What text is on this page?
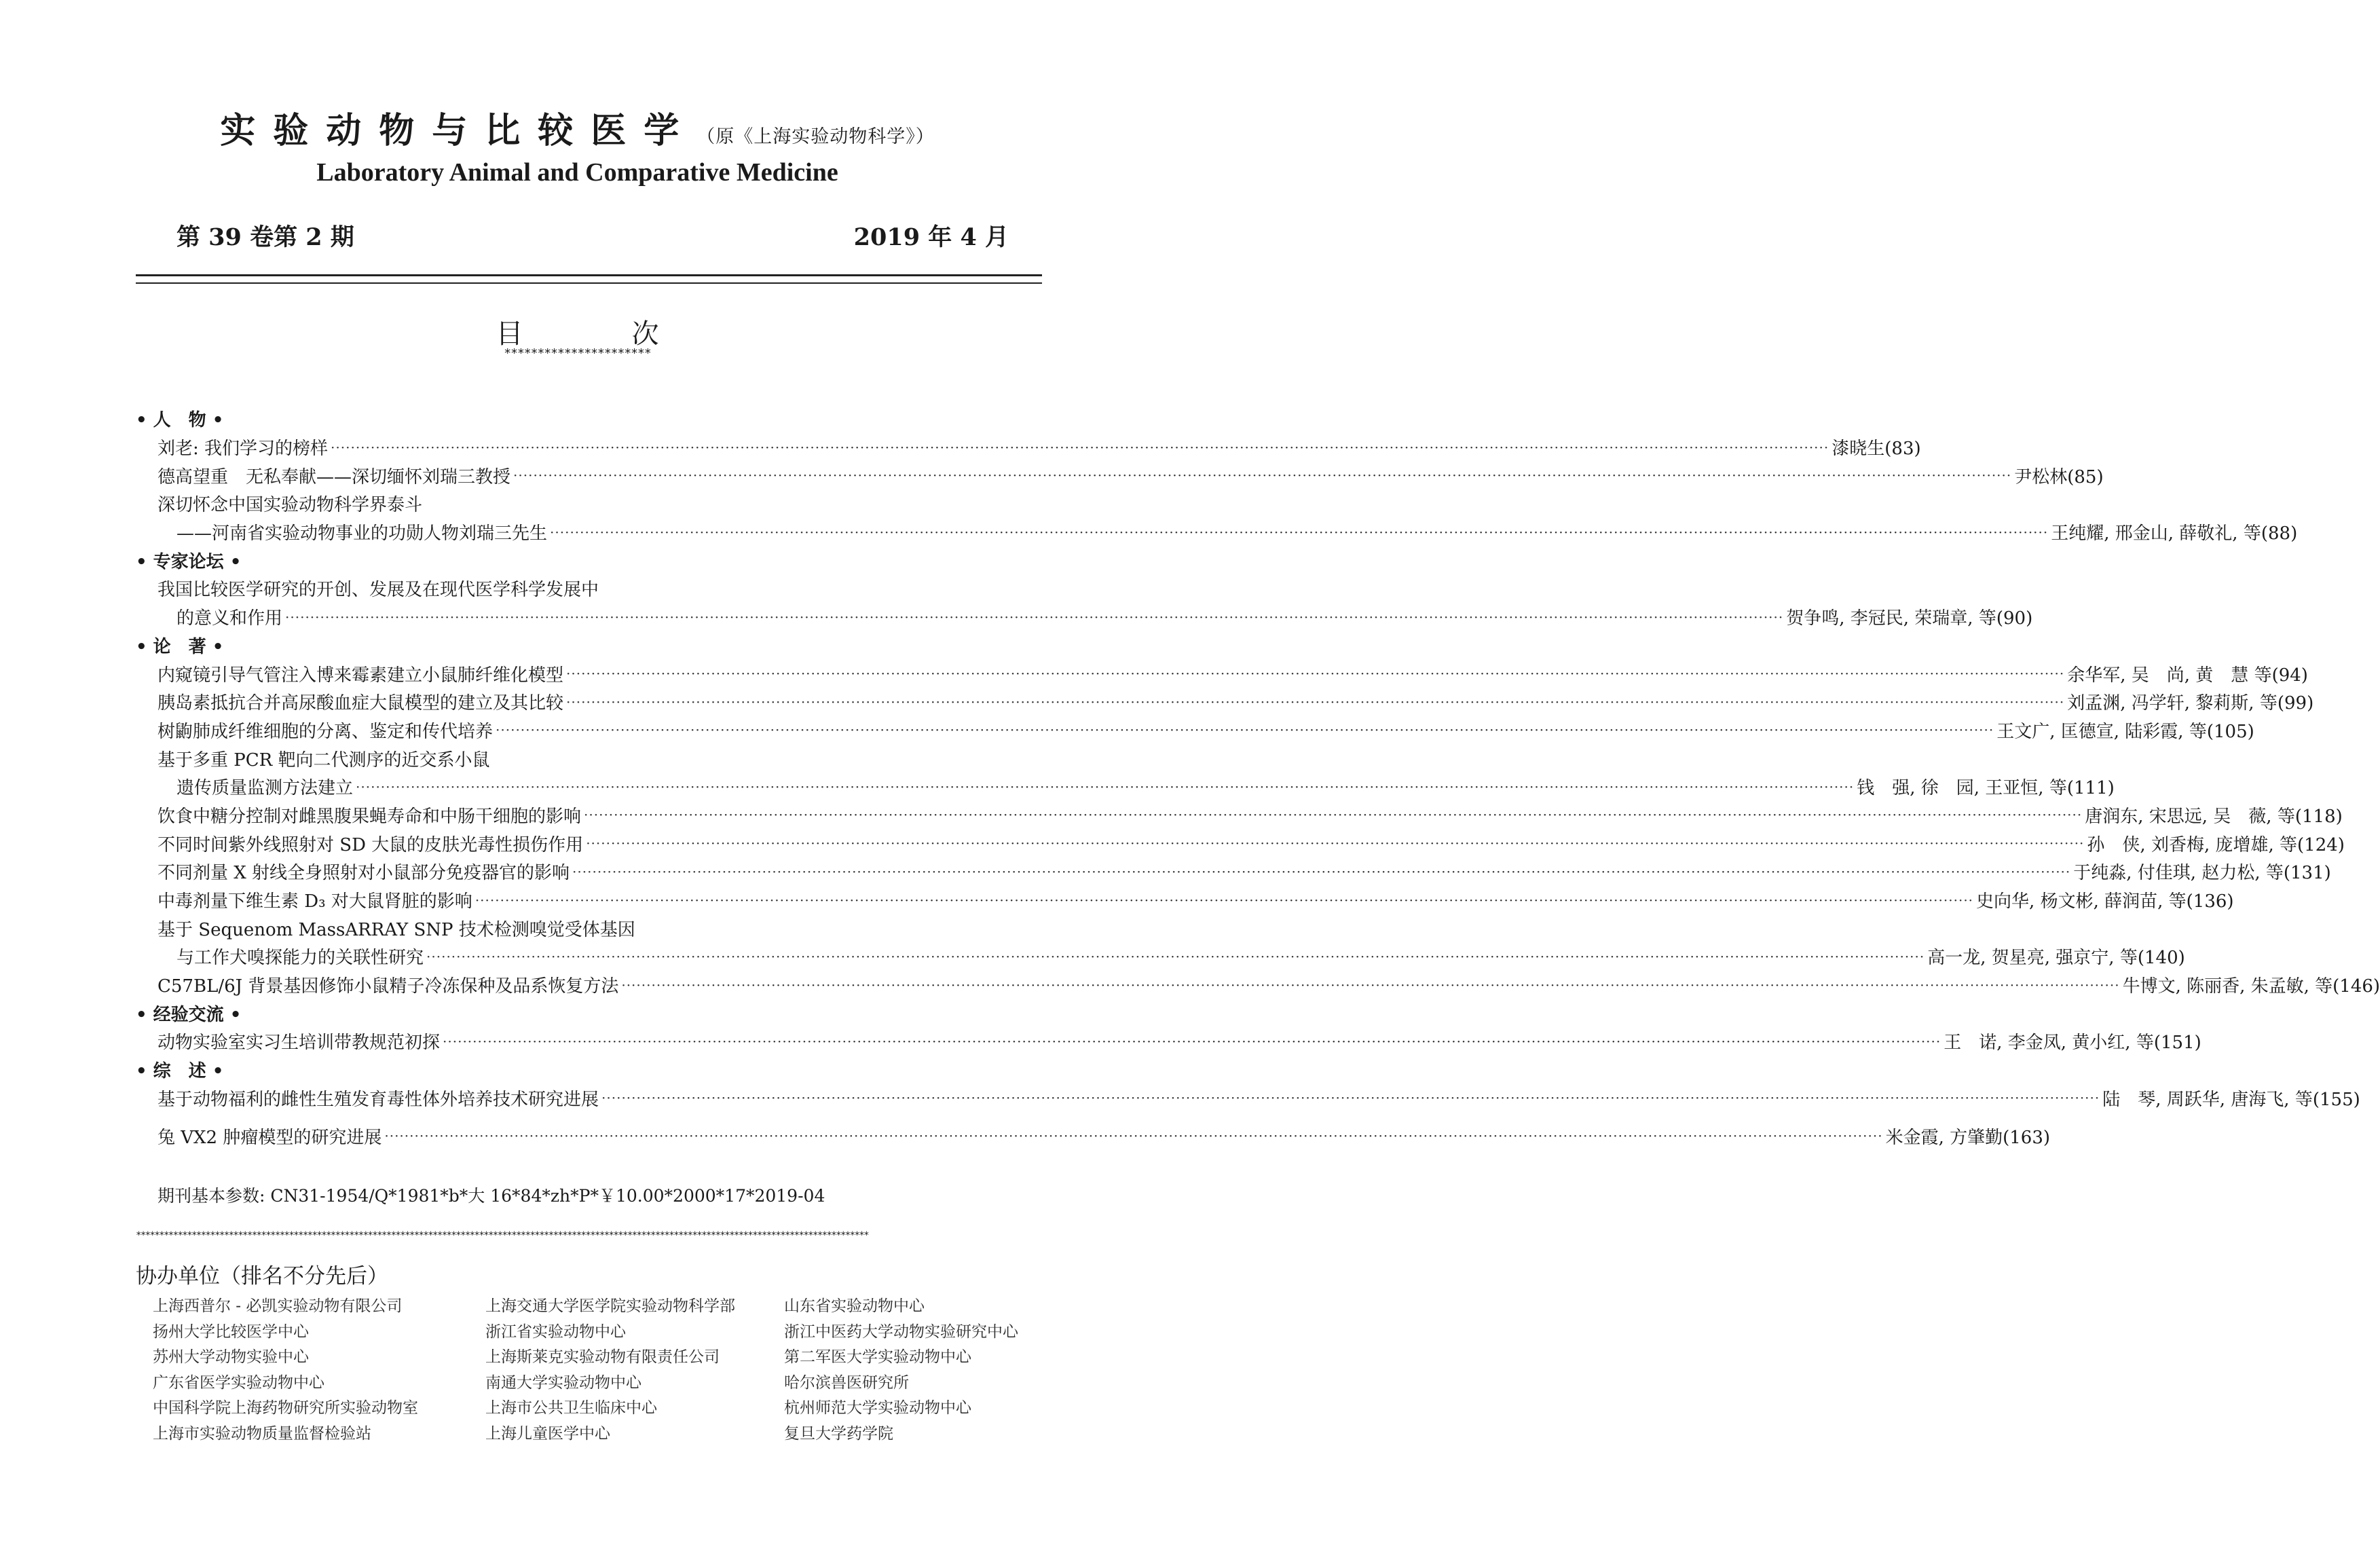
实验动物与比较医学（原《上海实验动物科学》）
Laboratory Animal and Comparative Medicine
第 39 卷第 2 期	2019 年 4 月
目次
**********************
• 人　物 •
刘老: 我们学习的榜样 ············································································································································································································································································································ 漆晓生(83)
德高望重　无私奉献——深切缅怀刘瑞三教授 ············································································································································································································································································································ 尹松林(85)
深切怀念中国实验动物科学界泰斗
——河南省实验动物事业的功勋人物刘瑞三先生 ············································································································································································································································································································ 王纯耀, 邢金山, 薛敬礼, 等(88)
• 专家论坛 •
我国比较医学研究的开创、发展及在现代医学科学发展中
的意义和作用 ············································································································································································································································································································ 贺争鸣, 李冠民, 荣瑞章, 等(90)
• 论　著 •
内窥镜引导气管注入博来霉素建立小鼠肺纤维化模型 ············································································································································································································································································································ 余华军, 吴　尚, 黄　慧 等(94)
胰岛素抵抗合并高尿酸血症大鼠模型的建立及其比较 ············································································································································································································································································································ 刘孟渊, 冯学轩, 黎莉斯, 等(99)
树鼩肺成纤维细胞的分离、鉴定和传代培养 ············································································································································································································································································································ 王文广, 匡德宣, 陆彩霞, 等(105)
基于多重 PCR 靶向二代测序的近交系小鼠
遗传质量监测方法建立 ············································································································································································································································································································ 钱　强, 徐　园, 王亚恒, 等(111)
饮食中糖分控制对雌黑腹果蝇寿命和中肠干细胞的影响 ············································································································································································································································································································ 唐润东, 宋思远, 吴　薇, 等(118)
不同时间紫外线照射对 SD 大鼠的皮肤光毒性损伤作用 ············································································································································································································································································································ 孙　侠, 刘香梅, 庞增雄, 等(124)
不同剂量 X 射线全身照射对小鼠部分免疫器官的影响 ············································································································································································································································································································ 于纯淼, 付佳琪, 赵力松, 等(131)
中毒剂量下维生素 D₃ 对大鼠肾脏的影响 ············································································································································································································································································································ 史向华, 杨文彬, 薛润苗, 等(136)
基于 Sequenom MassARRAY SNP 技术检测嗅觉受体基因
与工作犬嗅探能力的关联性研究 ············································································································································································································································································································ 高一龙, 贺星亮, 强京宁, 等(140)
C57BL/6J 背景基因修饰小鼠精子冷冻保种及品系恢复方法 ············································································································································································································································································································ 牛博文, 陈丽香, 朱孟敏, 等(146)
• 经验交流 •
动物实验室实习生培训带教规范初探 ············································································································································································································································································································ 王　诺, 李金凤, 黄小红, 等(151)
• 综　述 •
基于动物福利的雌性生殖发育毒性体外培养技术研究进展 ············································································································································································································································································································ 陆　琴, 周跃华, 唐海飞, 等(155)
兔 VX2 肿瘤模型的研究进展 ············································································································································································································································································································ 米金霞, 方肇勤(163)
期刊基本参数: CN31-1954/Q*1981*b*大 16*84*zh*P*￥10.00*2000*17*2019-04
**************************************************************************************************************************************************************
协办单位（排名不分先后）
上海西普尔 - 必凯实验动物有限公司	上海交通大学医学院实验动物科学部	山东省实验动物中心
扬州大学比较医学中心	浙江省实验动物中心	浙江中医药大学动物实验研究中心
苏州大学动物实验中心	上海斯莱克实验动物有限责任公司	第二军医大学实验动物中心
广东省医学实验动物中心	南通大学实验动物中心	哈尔滨兽医研究所
中国科学院上海药物研究所实验动物室	上海市公共卫生临床中心	杭州师范大学实验动物中心
上海市实验动物质量监督检验站	上海儿童医学中心	复旦大学药学院
